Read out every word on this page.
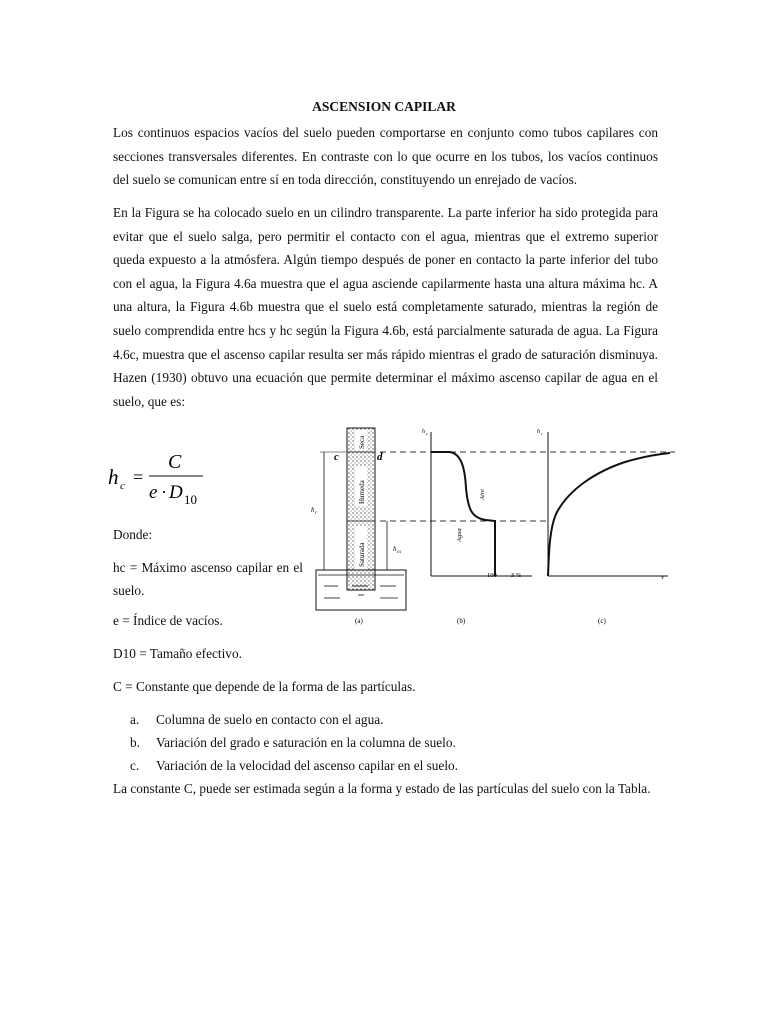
ASCENSION CAPILAR
Los continuos espacios vacíos del suelo pueden comportarse en conjunto como tubos capilares con secciones transversales diferentes. En contraste con lo que ocurre en los tubos, los vacíos continuos del suelo se comunican entre sí en toda dirección, constituyendo un enrejado de vacíos.
En la Figura se ha colocado suelo en un cilindro transparente. La parte inferior ha sido protegida para evitar que el suelo salga, pero permitir el contacto con el agua, mientras que el extremo superior queda expuesto a la atmósfera. Algún tiempo después de poner en contacto la parte inferior del tubo con el agua, la Figura 4.6a muestra que el agua asciende capilarmente hasta una altura máxima hc. A una altura, la Figura 4.6b muestra que el suelo está completamente saturado, mientras la región de suelo comprendida entre hcs y hc según la Figura 4.6b, está parcialmente saturada de agua. La Figura 4.6c, muestra que el ascenso capilar resulta ser más rápido mientras el grado de saturación disminuya. Hazen (1930) obtuvo una ecuación que permite determinar el máximo ascenso capilar de agua en el suelo, que es:
h c =
C
e · D 10
Donde:
hc = Máximo ascenso capilar en el suelo.
e = Índice de vacíos.
D10 = Tamaño efectivo.
C = Constante que depende de la forma de las partículas.
a. Columna de suelo en contacto con el agua.
b. Variación del grado e saturación en la columna de suelo.
c. Variación de la velocidad del ascenso capilar en el suelo.
La constante C, puede ser estimada según a la forma y estado de las partículas del suelo con la Tabla.
Seca
Humeda
Saturada
c	d
h c
h cs
(a)
h c
Aire
Agua
100 S %
(b)
h c
v
(c)
